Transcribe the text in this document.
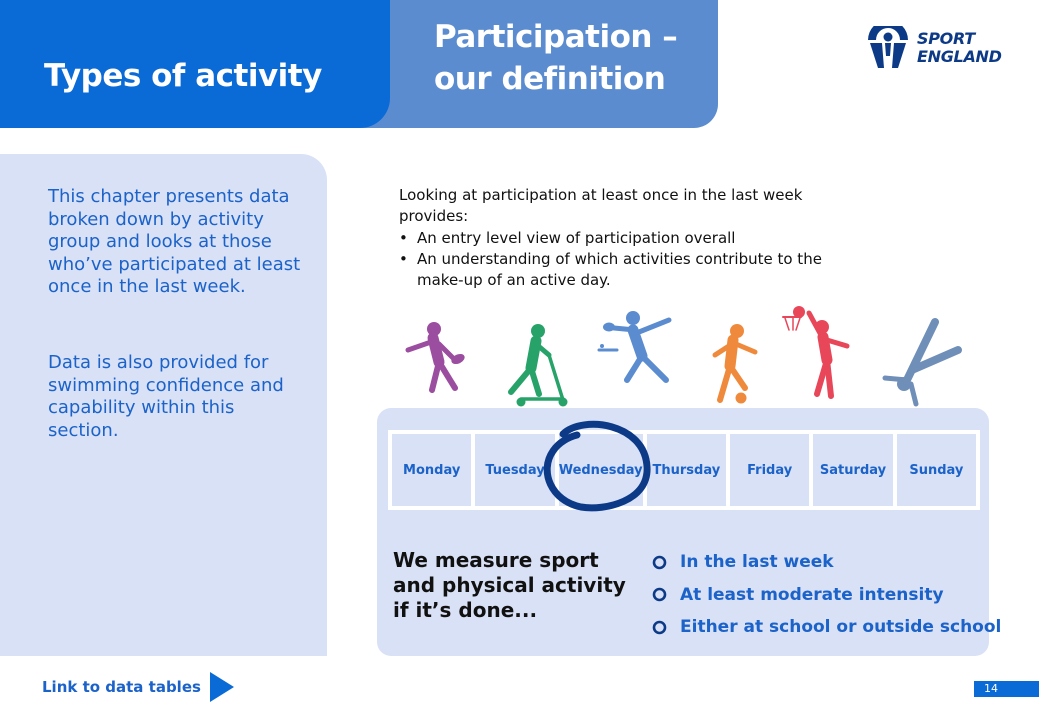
Types of activity
Participation –
our definition
SPORT
ENGLAND

This chapter presents data broken down by activity group and looks at those who’ve participated at least once in the last week.

Data is also provided for swimming confidence and capability within this section.

Looking at participation at least once in the last week provides:

• An entry level view of participation overall
• An understanding of which activities contribute to the make-up of an active day.
Monday	Tuesday	Wednesday Thursday	Friday	Saturday	Sunday

We measure sport
and physical activity
if it’s done...

In the last week
At least moderate intensity
Either at school or outside school
Link to data tables	14
